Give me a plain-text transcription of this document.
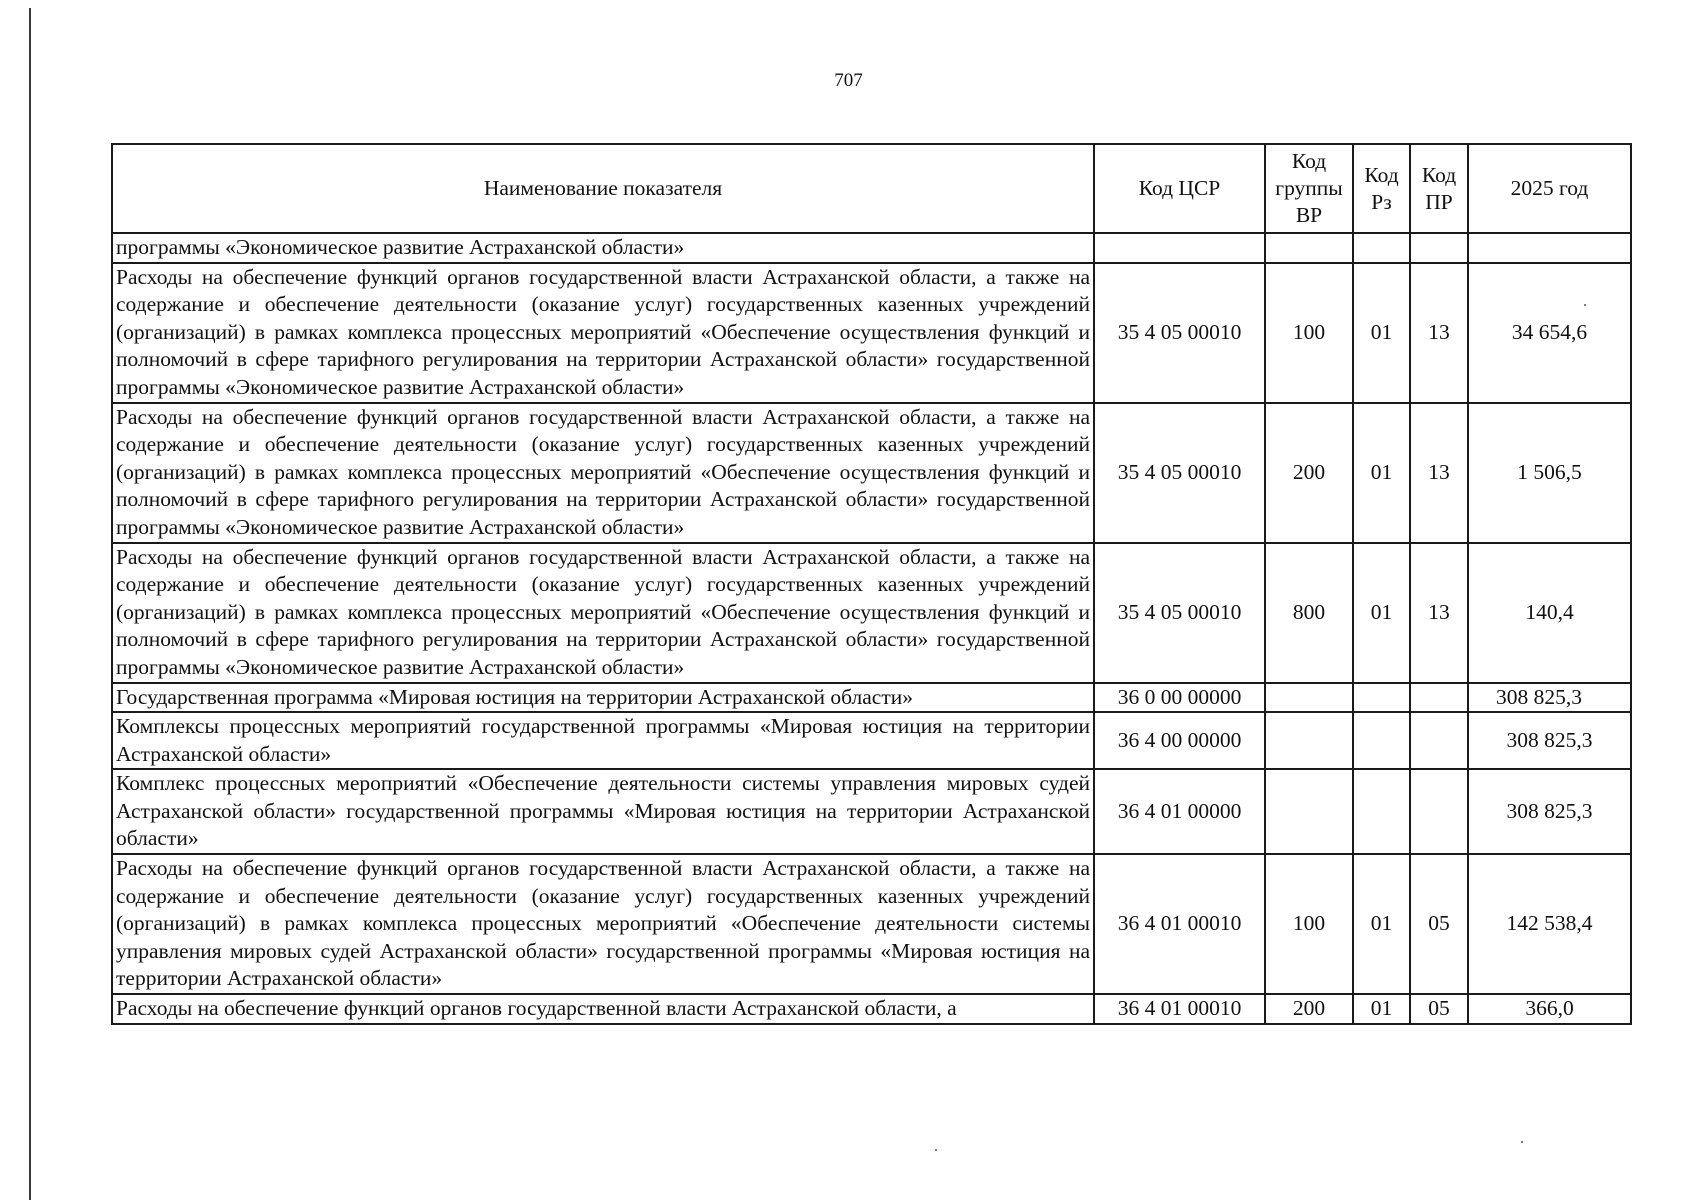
707
Наименование показателя	Код ЦСР	Код группы ВР	Код Рз	Код ПР	2025 год
программы «Экономическое развитие Астраханской области»					
Расходы на обеспечение функций органов государственной власти Астраханской области, а также на содержание и обеспечение деятельности (оказание услуг) государственных казенных учреждений (организаций) в рамках комплекса процессных мероприятий «Обеспечение осуществления функций и полномочий в сфере тарифного регулирования на территории Астраханской области» государственной программы «Экономическое развитие Астраханской области»	35 4 05 00010	100	01	13	34 654,6
Расходы на обеспечение функций органов государственной власти Астраханской области, а также на содержание и обеспечение деятельности (оказание услуг) государственных казенных учреждений (организаций) в рамках комплекса процессных мероприятий «Обеспечение осуществления функций и полномочий в сфере тарифного регулирования на территории Астраханской области» государственной программы «Экономическое развитие Астраханской области»	35 4 05 00010	200	01	13	1 506,5
Расходы на обеспечение функций органов государственной власти Астраханской области, а также на содержание и обеспечение деятельности (оказание услуг) государственных казенных учреждений (организаций) в рамках комплекса процессных мероприятий «Обеспечение осуществления функций и полномочий в сфере тарифного регулирования на территории Астраханской области» государственной программы «Экономическое развитие Астраханской области»	35 4 05 00010	800	01	13	140,4
Государственная программа «Мировая юстиция на территории Астраханской области»	36 0 00 00000				308 825,3
Комплексы процессных мероприятий государственной программы «Мировая юстиция на территории Астраханской области»	36 4 00 00000				308 825,3
Комплекс процессных мероприятий «Обеспечение деятельности системы управления мировых судей Астраханской области» государственной программы «Мировая юстиция на территории Астраханской области»	36 4 01 00000				308 825,3
Расходы на обеспечение функций органов государственной власти Астраханской области, а также на содержание и обеспечение деятельности (оказание услуг) государственных казенных учреждений (организаций) в рамках комплекса процессных мероприятий «Обеспечение деятельности системы управления мировых судей Астраханской области» государственной программы «Мировая юстиция на территории Астраханской области»	36 4 01 00010	100	01	05	142 538,4
Расходы на обеспечение функций органов государственной власти Астраханской области, а	36 4 01 00010	200	01	05	366,0
